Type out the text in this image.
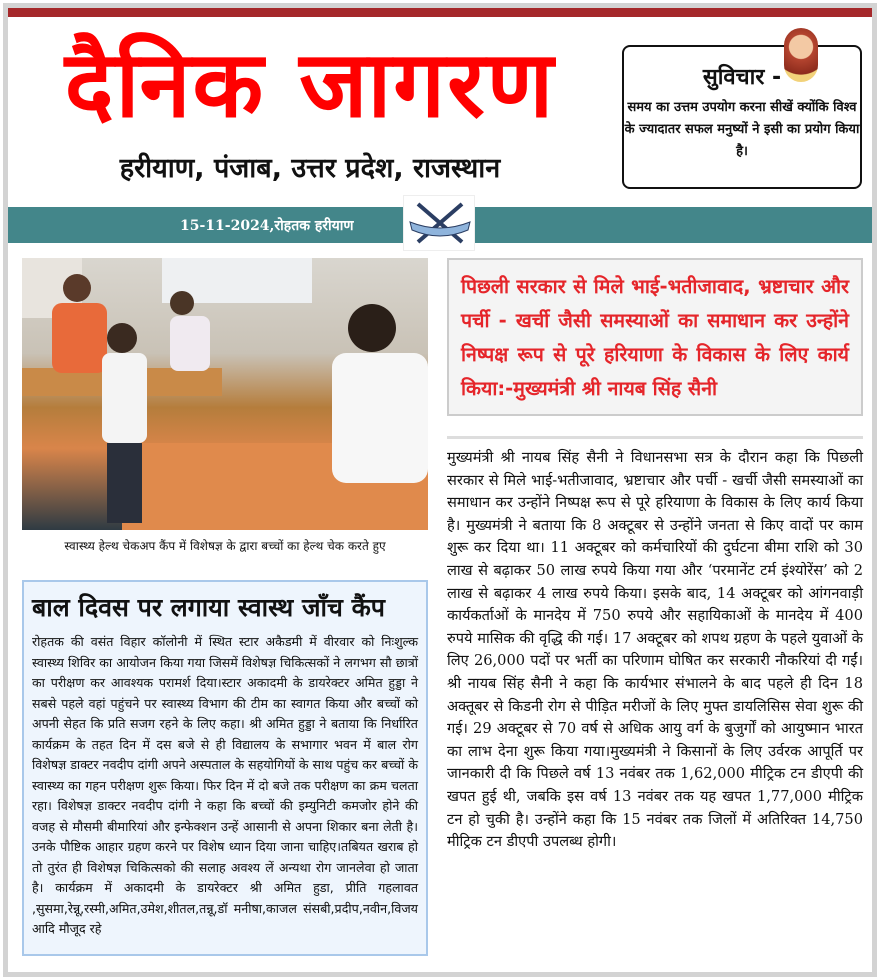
दैनिक जागरण
हरीयाण, पंजाब, उत्तर प्रदेश, राजस्थान
सुविचार -
समय का उत्तम उपयोग करना सीखें क्योंकि विश्व के ज्यादातर सफल मनुष्यों ने इसी का प्रयोग किया है।
15-11-2024,रोहतक हरीयाण
स्वास्थ्य हेल्थ चेकअप कैंप में विशेषज्ञ के द्वारा बच्चों का हेल्थ चेक करते हुए
बाल दिवस पर लगाया स्वास्थ जाँच कैंप
रोहतक की वसंत विहार कॉलोनी में स्थित स्टार अकैडमी में वीरवार को निःशुल्क स्वास्थ्य शिविर का आयोजन किया गया जिसमें विशेषज्ञ चिकित्सकों ने लगभग सौ छात्रों का परीक्षण कर आवश्यक परामर्श दिया।स्टार अकादमी के डायरेक्टर अमित हुड्डा ने सबसे पहले वहां पहुंचने पर स्वास्थ्य विभाग की टीम का स्वागत किया और बच्चों को अपनी सेहत कि प्रति सजग रहने के लिए कहा। श्री अमित हुड्डा ने बताया कि निर्धारित कार्यक्रम के तहत दिन में दस बजे से ही विद्यालय के सभागार भवन में बाल रोग विशेषज्ञ डाक्टर नवदीप दांगी अपने अस्पताल के सहयोगियों के साथ पहुंच कर बच्चों के स्वास्थ्य का गहन परीक्षण शुरू किया। फिर दिन में दो बजे तक परीक्षण का क्रम चलता रहा। विशेषज्ञ डाक्टर नवदीप दांगी ने कहा कि बच्चों की इम्युनिटी कमजोर होने की वजह से मौसमी बीमारियां और इन्फेक्शन उन्हें आसानी से अपना शिकार बना लेती है। उनके पौष्टिक आहार ग्रहण करने पर विशेष ध्यान दिया जाना चाहिए।तबियत खराब हो तो तुरंत ही विशेषज्ञ चिकित्सको की सलाह अवश्य लें अन्यथा रोग जानलेवा हो जाता है। कार्यक्रम में अकादमी के डायरेक्टर श्री अमित हुडा, प्रीति गहलावत ,सुसमा,रेन्नू,रस्मी,अमित,उमेश,शीतल,तन्नू,डॉ मनीषा,काजल संसबी,प्रदीप,नवीन,विजय आदि मौजूद रहे
पिछली सरकार से मिले भाई-भतीजावाद, भ्रष्टाचार और पर्ची - खर्ची जैसी समस्याओं का समाधान कर उन्होंने निष्पक्ष रूप से पूरे हरियाणा के विकास के लिए कार्य किया:-मुख्यमंत्री श्री नायब सिंह सैनी
मुख्यमंत्री श्री नायब सिंह सैनी ने विधानसभा सत्र के दौरान कहा कि पिछली सरकार से मिले भाई-भतीजावाद, भ्रष्टाचार और पर्ची - खर्ची जैसी समस्याओं का समाधान कर उन्होंने निष्पक्ष रूप से पूरे हरियाणा के विकास के लिए कार्य किया है। मुख्यमंत्री ने बताया कि 8 अक्टूबर से उन्होंने जनता से किए वादों पर काम शुरू कर दिया था। 11 अक्टूबर को कर्मचारियों की दुर्घटना बीमा राशि को 30 लाख से बढ़ाकर 50 लाख रुपये किया गया और ‘परमानेंट टर्म इंश्योरेंस’ को 2 लाख से बढ़ाकर 4 लाख रुपये किया। इसके बाद, 14 अक्टूबर को आंगनवाड़ी कार्यकर्ताओं के मानदेय में 750 रुपये और सहायिकाओं के मानदेय में 400 रुपये मासिक की वृद्धि की गई। 17 अक्टूबर को शपथ ग्रहण के पहले युवाओं के लिए 26,000 पदों पर भर्ती का परिणाम घोषित कर सरकारी नौकरियां दी गईं। श्री नायब सिंह सैनी ने कहा कि कार्यभार संभालने के बाद पहले ही दिन 18 अक्तूबर से किडनी रोग से पीड़ित मरीजों के लिए मुफ्त डायलिसिस सेवा शुरू की गई। 29 अक्टूबर से 70 वर्ष से अधिक आयु वर्ग के बुजुर्गों को आयुष्मान भारत का लाभ देना शुरू किया गया।मुख्यमंत्री ने किसानों के लिए उर्वरक आपूर्ति पर जानकारी दी कि पिछले वर्ष 13 नवंबर तक 1,62,000 मीट्रिक टन डीएपी की खपत हुई थी, जबकि इस वर्ष 13 नवंबर तक यह खपत 1,77,000 मीट्रिक टन हो चुकी है। उन्होंने कहा कि 15 नवंबर तक जिलों में अतिरिक्त 14,750 मीट्रिक टन डीएपी उपलब्ध होगी।
